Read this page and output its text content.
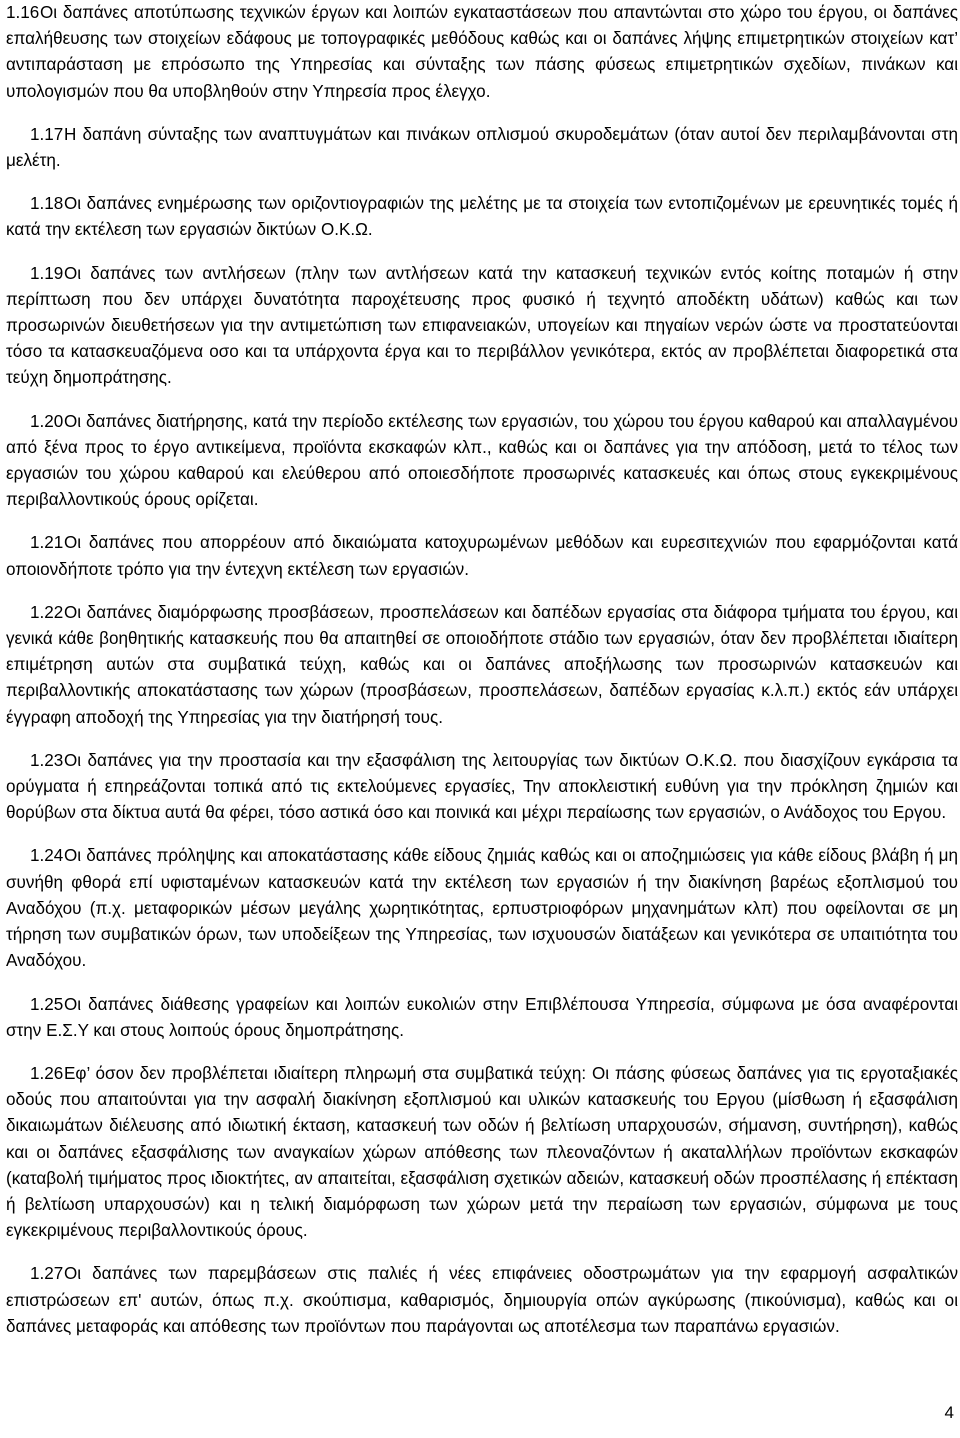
1.16Οι δαπάνες αποτύπωσης τεχνικών έργων και λοιπών εγκαταστάσεων που απαντώνται στο χώρο του έργου, οι δαπάνες επαλήθευσης των στοιχείων εδάφους με τοπογραφικές μεθόδους καθώς και οι δαπάνες λήψης επιμετρητικών στοιχείων κατ’ αντιπαράσταση με επρόσωπο της Υπηρεσίας και σύνταξης των πάσης φύσεως επιμετρητικών σχεδίων, πινάκων και υπολογισμών που θα υποβληθούν στην Υπηρεσία προς έλεγχο.

1.17Η δαπάνη σύνταξης των αναπτυγμάτων και πινάκων οπλισμού σκυροδεμάτων (όταν αυτοί δεν περιλαμβάνονται στη μελέτη.

1.18Οι δαπάνες ενημέρωσης των οριζοντιογραφιών της μελέτης με τα στοιχεία των εντοπιζομένων με ερευνητικές τομές ή κατά την εκτέλεση των εργασιών δικτύων Ο.Κ.Ω.

1.19Οι δαπάνες των αντλήσεων (πλην των αντλήσεων κατά την κατασκευή τεχνικών εντός κοίτης ποταμών ή στην περίπτωση που δεν υπάρχει δυνατότητα παροχέτευσης προς φυσικό ή τεχνητό αποδέκτη υδάτων) καθώς και των προσωρινών διευθετήσεων για την αντιμετώπιση των επιφανειακών, υπογείων και πηγαίων νερών ώστε να προστατεύονται τόσο τα κατασκευαζόμενα οσο και τα υπάρχοντα έργα και το περιβάλλον γενικότερα, εκτός αν προβλέπεται διαφορετικά στα τεύχη δημοπράτησης.

1.20Οι δαπάνες διατήρησης, κατά την περίοδο εκτέλεσης των εργασιών, του χώρου του έργου καθαρού και απαλλαγμένου από ξένα προς το έργο αντικείμενα, προϊόντα εκσκαφών κλπ., καθώς και οι δαπάνες για την απόδοση, μετά το τέλος των εργασιών του χώρου καθαρού και ελεύθερου από οποιεσδήποτε προσωρινές κατασκευές και όπως στους εγκεκριμένους περιβαλλοντικούς όρους ορίζεται.

1.21Οι δαπάνες που απορρέουν από δικαιώματα κατοχυρωμένων μεθόδων και ευρεσιτεχνιών που εφαρμόζονται κατά οποιονδήποτε τρόπο για την έντεχνη εκτέλεση των εργασιών.

1.22Οι δαπάνες διαμόρφωσης προσβάσεων, προσπελάσεων και δαπέδων εργασίας στα διάφορα τμήματα του έργου, και γενικά κάθε βοηθητικής κατασκευής που θα απαιτηθεί σε οποιοδήποτε στάδιο των εργασιών, όταν δεν προβλέπεται ιδιαίτερη επιμέτρηση αυτών στα συμβατικά τεύχη, καθώς και οι δαπάνες αποξήλωσης των προσωρινών κατασκευών και περιβαλλοντικής αποκατάστασης των χώρων (προσβάσεων, προσπελάσεων, δαπέδων εργασίας κ.λ.π.) εκτός εάν υπάρχει έγγραφη αποδοχή της Υπηρεσίας για την διατήρησή τους.

1.23Οι δαπάνες για την προστασία και την εξασφάλιση της λειτουργίας των δικτύων Ο.Κ.Ω. που διασχίζουν εγκάρσια τα ορύγματα ή επηρεάζονται τοπικά από τις εκτελούμενες εργασίες, Την αποκλειστική ευθύνη για την πρόκληση ζημιών και θορύβων στα δίκτυα αυτά θα φέρει, τόσο αστικά όσο και ποινικά και μέχρι περαίωσης των εργασιών, ο Ανάδοχος του Εργου.

1.24Οι δαπάνες πρόληψης και αποκατάστασης κάθε είδους ζημιάς καθώς και οι αποζημιώσεις για κάθε είδους βλάβη ή μη συνήθη φθορά επί υφισταμένων κατασκευών κατά την εκτέλεση των εργασιών ή την διακίνηση βαρέως εξοπλισμού του Αναδόχου (π.χ. μεταφορικών μέσων μεγάλης χωρητικότητας, ερπυστριοφόρων μηχανημάτων κλπ) που οφείλονται σε μη τήρηση των συμβατικών όρων, των υποδείξεων της Υπηρεσίας, των ισχυουσών διατάξεων και γενικότερα σε υπαιτιότητα του Αναδόχου.

1.25Οι δαπάνες διάθεσης γραφείων και λοιπών ευκολιών στην Επιβλέπουσα Υπηρεσία, σύμφωνα με όσα αναφέρονται στην Ε.Σ.Υ και στους λοιπούς όρους δημοπράτησης.

1.26Εφ’ όσον δεν προβλέπεται ιδιαίτερη πληρωμή στα συμβατικά τεύχη: Οι πάσης φύσεως δαπάνες για τις εργοταξιακές οδούς που απαιτούνται για την ασφαλή διακίνηση εξοπλισμού και υλικών κατασκευής του Εργου (μίσθωση ή εξασφάλιση δικαιωμάτων διέλευσης από ιδιωτική έκταση, κατασκευή των οδών ή βελτίωση υπαρχουσών, σήμανση, συντήρηση), καθώς και οι δαπάνες εξασφάλισης των αναγκαίων χώρων απόθεσης των πλεοναζόντων ή ακαταλλήλων προϊόντων εκσκαφών (καταβολή τιμήματος προς ιδιοκτήτες, αν απαιτείται, εξασφάλιση σχετικών αδειών, κατασκευή οδών προσπέλασης ή επέκταση ή βελτίωση υπαρχουσών) και η τελική διαμόρφωση των χώρων μετά την περαίωση των εργασιών, σύμφωνα με τους εγκεκριμένους περιβαλλοντικούς όρους.

1.27Οι δαπάνες των παρεμβάσεων στις παλιές ή νέες επιφάνειες οδοστρωμάτων για την εφαρμογή ασφαλτικών επιστρώσεων επ' αυτών, όπως π.χ. σκούπισμα, καθαρισμός, δημιουργία οπών αγκύρωσης (πικούνισμα), καθώς και οι δαπάνες μεταφοράς και απόθεσης των προϊόντων που παράγονται ως αποτέλεσμα των παραπάνω εργασιών.

4
